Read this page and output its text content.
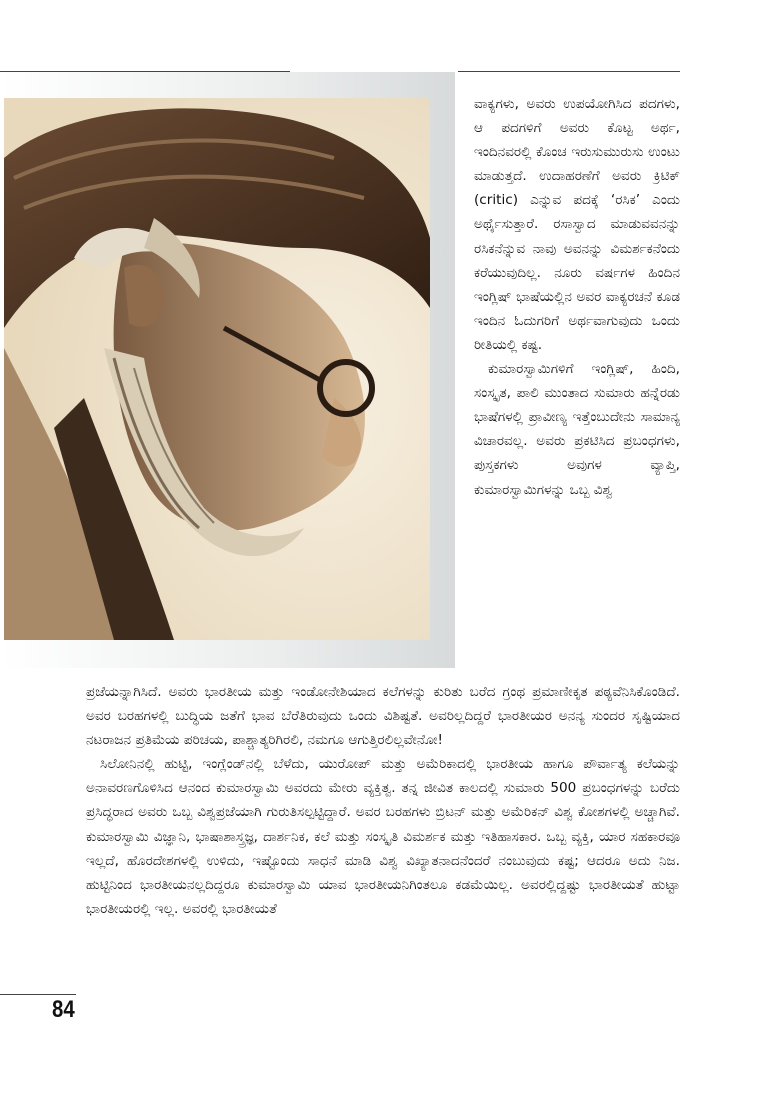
ವಾಕ್ಯಗಳು, ಅವರು ಉಪಯೋಗಿಸಿದ ಪದಗಳು, ಆ ಪದಗಳಿಗೆ ಅವರು ಕೊಟ್ಟ ಅರ್ಥ, ಇಂದಿನವರಲ್ಲಿ ಕೊಂಚ ಇರುಸುಮುರುಸು ಉಂಟು ಮಾಡುತ್ತದೆ. ಉದಾಹರಣೆಗೆ ಅವರು ಕ್ರಿಟಿಕ್ (critic) ಎನ್ನುವ ಪದಕ್ಕೆ ‘ರಸಿಕ’ ಎಂದು ಅರ್ಥೈಸುತ್ತಾರೆ. ರಸಾಸ್ವಾದ ಮಾಡುವವನನ್ನು ರಸಿಕನೆನ್ನುವ ನಾವು ಅವನನ್ನು ವಿಮರ್ಶಕನೆಂದು ಕರೆಯುವುದಿಲ್ಲ. ನೂರು ವರ್ಷಗಳ ಹಿಂದಿನ ಇಂಗ್ಲಿಷ್ ಭಾಷೆಯಲ್ಲಿನ ಅವರ ವಾಕ್ಯರಚನೆ ಕೂಡ ಇಂದಿನ ಓದುಗರಿಗೆ ಅರ್ಥವಾಗುವುದು ಒಂದು ರೀತಿಯಲ್ಲಿ ಕಷ್ಟ.

ಕುಮಾರಸ್ವಾಮಿಗಳಿಗೆ ಇಂಗ್ಲಿಷ್, ಹಿಂದಿ, ಸಂಸ್ಕೃತ, ಪಾಲಿ ಮುಂತಾದ ಸುಮಾರು ಹನ್ನೆರಡು ಭಾಷೆಗಳಲ್ಲಿ ಪ್ರಾವೀಣ್ಯ ಇತ್ತೆಂಬುದೇನು ಸಾಮಾನ್ಯ ವಿಚಾರವಲ್ಲ. ಅವರು ಪ್ರಕಟಿಸಿದ ಪ್ರಬಂಧಗಳು, ಪುಸ್ತಕಗಳು ಅವುಗಳ ವ್ಯಾಪ್ತಿ, ಕುಮಾರಸ್ವಾಮಿಗಳನ್ನು ಒಬ್ಬ ವಿಶ್ವ

ಪ್ರಜೆಯನ್ನಾಗಿಸಿದೆ. ಅವರು ಭಾರತೀಯ ಮತ್ತು ಇಂಡೋನೇಶಿಯಾದ ಕಲೆಗಳನ್ನು ಕುರಿತು ಬರೆದ ಗ್ರಂಥ ಪ್ರಮಾಣೀಕೃತ ಪಠ್ಯವೆನಿಸಿಕೊಂಡಿದೆ. ಅವರ ಬರಹಗಳಲ್ಲಿ ಬುದ್ಧಿಯ ಜತೆಗೆ ಭಾವ ಬೆರೆತಿರುವುದು ಒಂದು ವಿಶಿಷ್ಟತೆ. ಅವರಿಲ್ಲದಿದ್ದರೆ ಭಾರತೀಯರ ಅನನ್ಯ ಸುಂದರ ಸೃಷ್ಟಿಯಾದ ನಟರಾಜನ ಪ್ರತಿಮೆಯ ಪರಿಚಯ, ಪಾಶ್ಚಾತ್ಯರಿಗಿರಲಿ, ನಮಗೂ ಆಗುತ್ತಿರಲಿಲ್ಲವೇನೋ!

ಸಿಲೋನಿನಲ್ಲಿ ಹುಟ್ಟಿ, ಇಂಗ್ಲೆಂಡ್‌ನಲ್ಲಿ ಬೆಳೆದು, ಯುರೋಪ್ ಮತ್ತು ಅಮೆರಿಕಾದಲ್ಲಿ ಭಾರತೀಯ ಹಾಗೂ ಪೌರ್ವಾತ್ಯ ಕಲೆಯನ್ನು ಅನಾವರಣಗೊಳಿಸಿದ ಆನಂದ ಕುಮಾರಸ್ವಾಮಿ ಅವರದು ಮೇರು ವ್ಯಕ್ತಿತ್ವ. ತನ್ನ ಜೀವಿತ ಕಾಲದಲ್ಲಿ ಸುಮಾರು 500 ಪ್ರಬಂಧಗಳನ್ನು ಬರೆದು ಪ್ರಸಿದ್ಧರಾದ ಅವರು ಒಬ್ಬ ವಿಶ್ವಪ್ರಜೆಯಾಗಿ ಗುರುತಿಸಲ್ಪಟ್ಟಿದ್ದಾರೆ. ಅವರ ಬರಹಗಳು ಬ್ರಿಟನ್ ಮತ್ತು ಅಮೆರಿಕನ್ ವಿಶ್ವ ಕೋಶಗಳಲ್ಲಿ ಅಚ್ಚಾಗಿವೆ. ಕುಮಾರಸ್ವಾಮಿ ವಿಜ್ಞಾನಿ, ಭಾಷಾಶಾಸ್ತ್ರಜ್ಞ, ದಾರ್ಶನಿಕ, ಕಲೆ ಮತ್ತು ಸಂಸ್ಕೃತಿ ವಿಮರ್ಶಕ ಮತ್ತು ಇತಿಹಾಸಕಾರ. ಒಬ್ಬ ವ್ಯಕ್ತಿ, ಯಾರ ಸಹಕಾರವೂ ಇಲ್ಲದೆ, ಹೊರದೇಶಗಳಲ್ಲಿ ಉಳಿದು, ಇಷ್ಟೊಂದು ಸಾಧನೆ ಮಾಡಿ ವಿಶ್ವ ವಿಖ್ಯಾತನಾದನೆಂದರೆ ನಂಬುವುದು ಕಷ್ಟ; ಆದರೂ ಅದು ನಿಜ. ಹುಟ್ಟಿನಿಂದ ಭಾರತೀಯನಲ್ಲದಿದ್ದರೂ ಕುಮಾರಸ್ವಾಮಿ ಯಾವ ಭಾರತೀಯನಿಗಿಂತಲೂ ಕಡಮೆಯಿಲ್ಲ. ಅವರಲ್ಲಿದ್ದಷ್ಟು ಭಾರತೀಯತೆ ಹುಟ್ಟಾ ಭಾರತೀಯರಲ್ಲಿ ಇಲ್ಲ. ಅವರಲ್ಲಿ ಭಾರತೀಯತೆ

84
